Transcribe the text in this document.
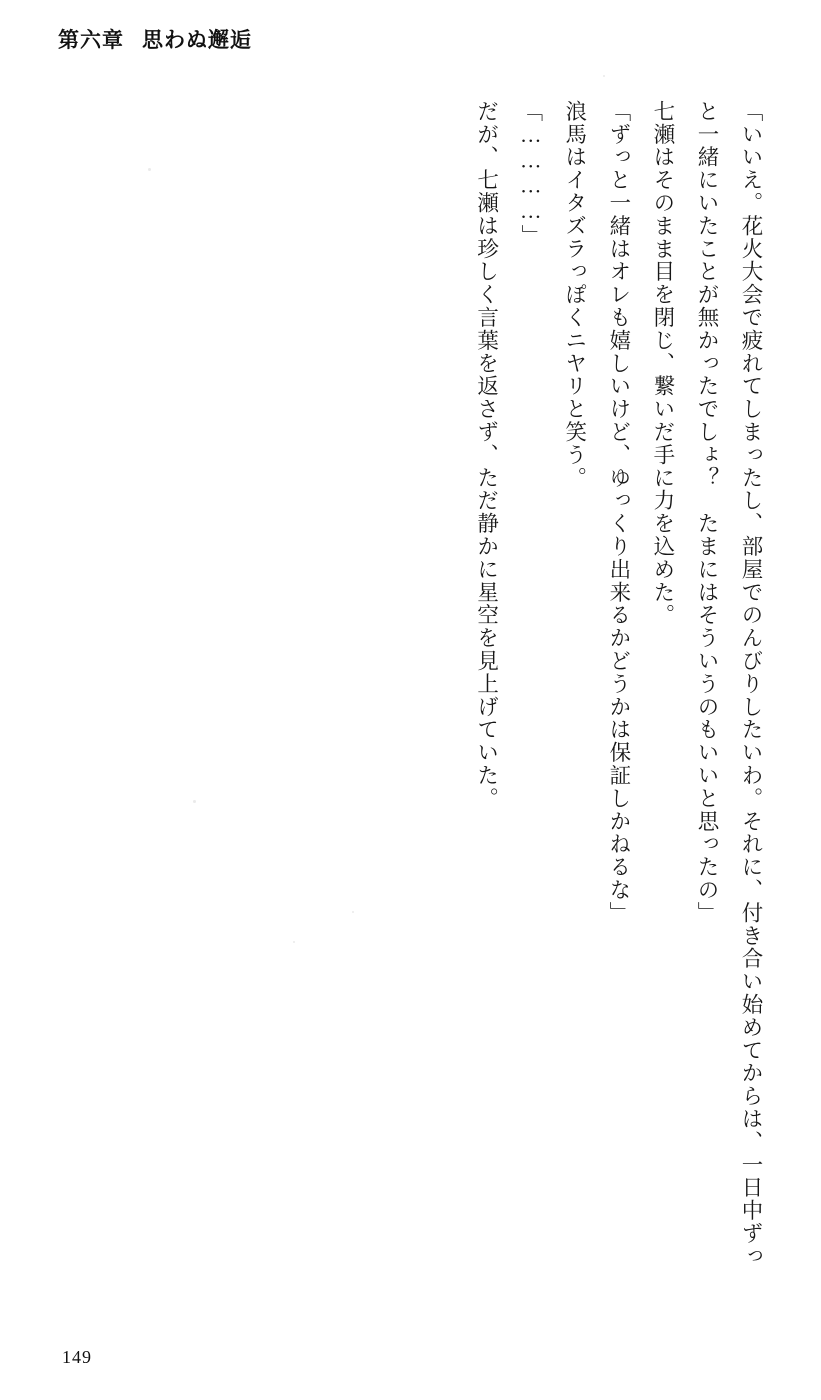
第六章 思わぬ邂逅

「いいえ。花火大会で疲れてしまったし、部屋でのんびりしたいわ。それに、付き合い始めてからは、一日中ずっと一緒にいたことが無かったでしょ？　たまにはそういうのもいいと思ったの」

七瀬はそのまま目を閉じ、繋いだ手に力を込めた。

「ずっと一緒はオレも嬉しいけど、ゆっくり出来るかどうかは保証しかねるな」

浪馬はイタズラっぽくニヤリと笑う。

「…………」

だが、七瀬は珍しく言葉を返さず、ただ静かに星空を見上げていた。

149
